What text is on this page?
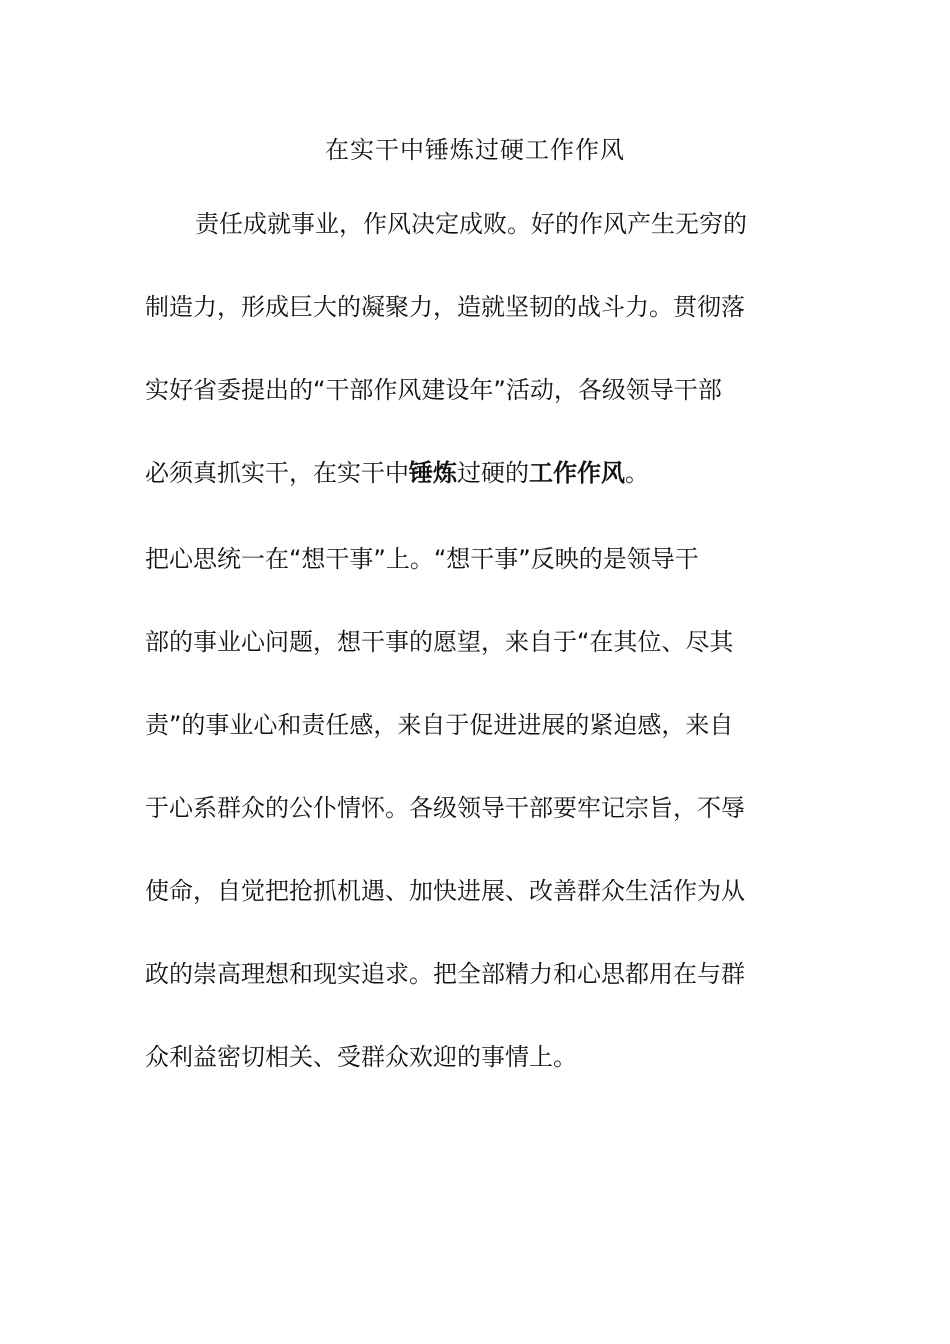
在实干中锤炼过硬工作作风
责任成就事业，作风决定成败。好的作风产生无穷的
制造力，形成巨大的凝聚力，造就坚韧的战斗力。贯彻落
实好省委提出的“干部作风建设年”活动，各级领导干部
必须真抓实干，在实干中锤炼过硬的工作作风。
把心思统一在“想干事”上。“想干事”反映的是领导干
部的事业心问题，想干事的愿望，来自于“在其位、尽其
责”的事业心和责任感，来自于促进进展的紧迫感，来自
于心系群众的公仆情怀。各级领导干部要牢记宗旨，不辱
使命，自觉把抢抓机遇、加快进展、改善群众生活作为从
政的崇高理想和现实追求。把全部精力和心思都用在与群
众利益密切相关、受群众欢迎的事情上。
